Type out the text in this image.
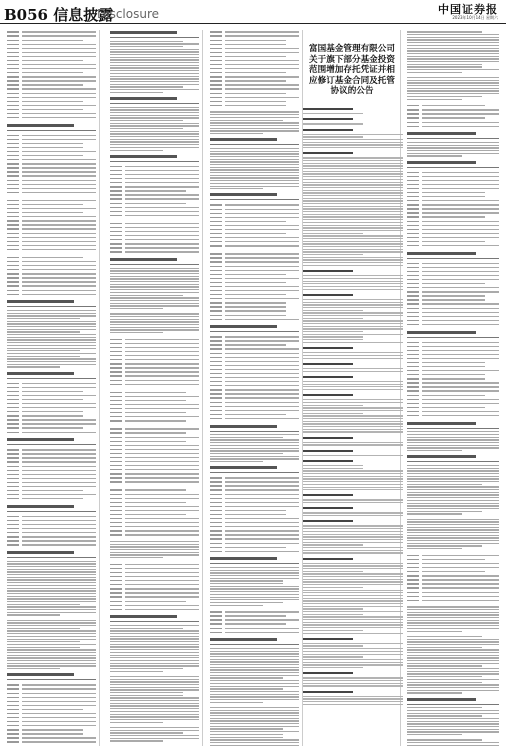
B056 信息披露
Disclosure	中国证券报
2023年10月14日 星期六
富国基金管理有限公司关于旗下部分基金投资范围增加存托凭证并相应修订基金合同及托管协议的公告
